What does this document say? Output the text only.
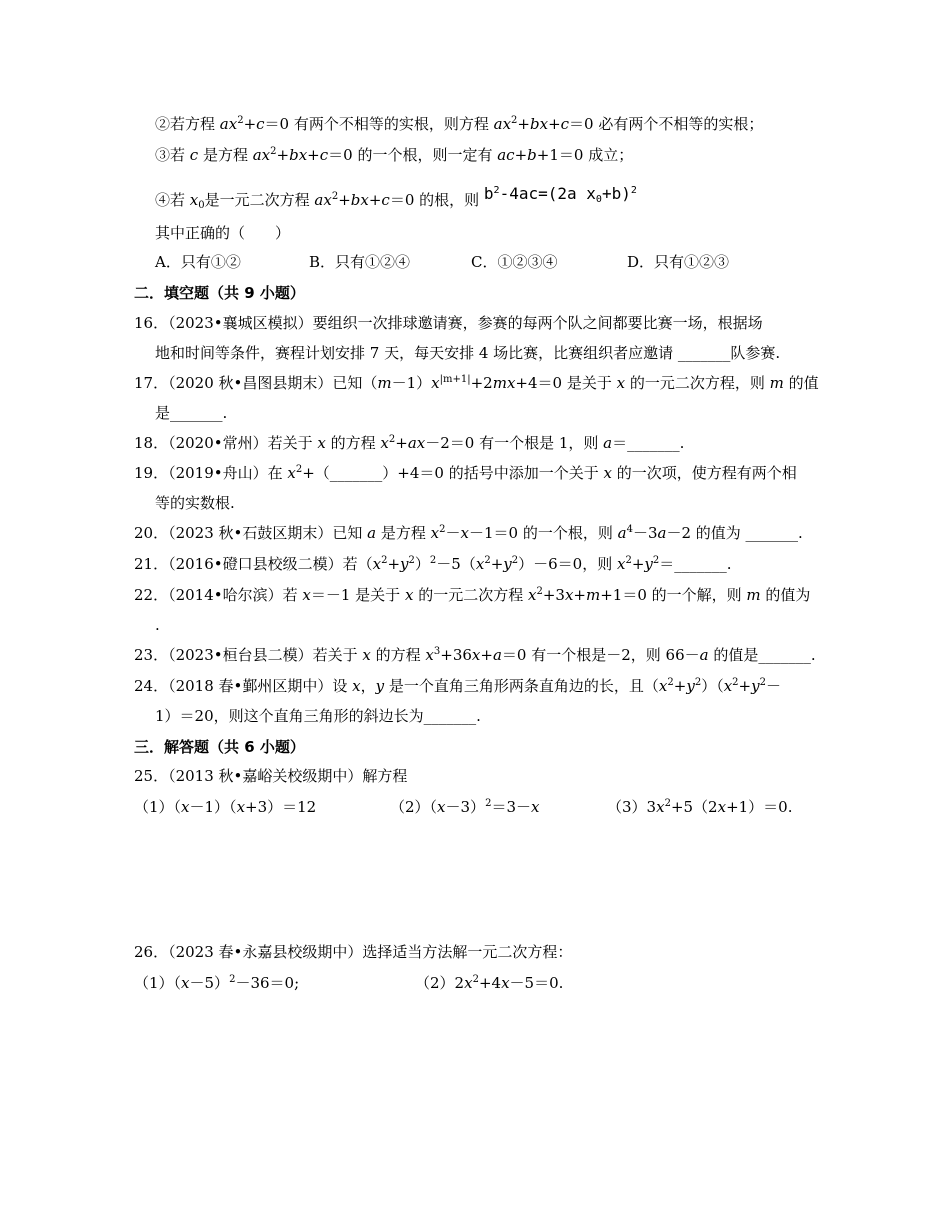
②若方程 $ax^2+c=0$ 有两个不相等的实根，则方程 $ax^2+bx+c=0$ 必有两个不相等的实根；
③若 c 是方程 $ax^2+bx+c=0$ 的一个根，则一定有 ac+b+1＝0 成立；
④若 $x_0$是一元二次方程 $ax^2+bx+c=0$ 的根，则 $b^2-4ac=(2a$ $x_0+b)^2$
其中正确的（　　）
A．只有①②	B．只有①②④	C．①②③④	D．只有①②③
二．填空题（共 9 小题）
16．（2023•襄城区模拟）要组织一次排球邀请赛，参赛的每两个队之间都要比赛一场，根据场
地和时间等条件，赛程计划安排 7 天，每天安排 4 场比赛，比赛组织者应邀请 _______队参赛.
17．（2020 秋•昌图县期末）已知$(m-1)x^{|m+1|}+2mx+4=0$ 是关于 x 的一元二次方程，则 m 的值
是_______.
18．（2020•常州）若关于 x 的方程 $x^2+ax-2=0$ 有一个根是 1，则 a＝_______.
19．（2019•舟山）在 $x^2+(\_\_\_\_\_\_\_)+4=0$ 的括号中添加一个关于 x 的一次项，使方程有两个相
等的实数根.
20．（2023 秋•石鼓区期末）已知 a 是方程 $x^2-x-1=0$ 的一个根，则 $a^4-3a-2$ 的值为 _______.
21．（2016•磴口县校级二模）若$(x^2+y^2)^2-5(x^2+y^2)-6=0$，则 $x^2+y^2=\_\_\_\_\_\_\_$.
22．（2014•哈尔滨）若 x＝－1 是关于 x 的一元二次方程 $x^2+3x+m+1=0$ 的一个解，则 m 的值为
.
23．（2023•桓台县二模）若关于 x 的方程 $x^3+36x+a=0$ 有一个根是－2，则 66－a 的值是_______.
24．（2018 春•鄞州区期中）设 x，y 是一个直角三角形两条直角边的长，且$(x^2+y^2)(x^2+y^2-$
1）＝20，则这个直角三角形的斜边长为_______.
三．解答题（共 6 小题）
25．（2013 秋•嘉峪关校级期中）解方程
（1）（x－1）（x+3）＝12	$(2)(x-3)^2=3-x$	$(3)3x^2+5(2x+1)=0$.
26．（2023 春•永嘉县校级期中）选择适当方法解一元二次方程：
$(1)(x-5)^2-36=0$;	$(2)2x^2+4x-5=0$.
